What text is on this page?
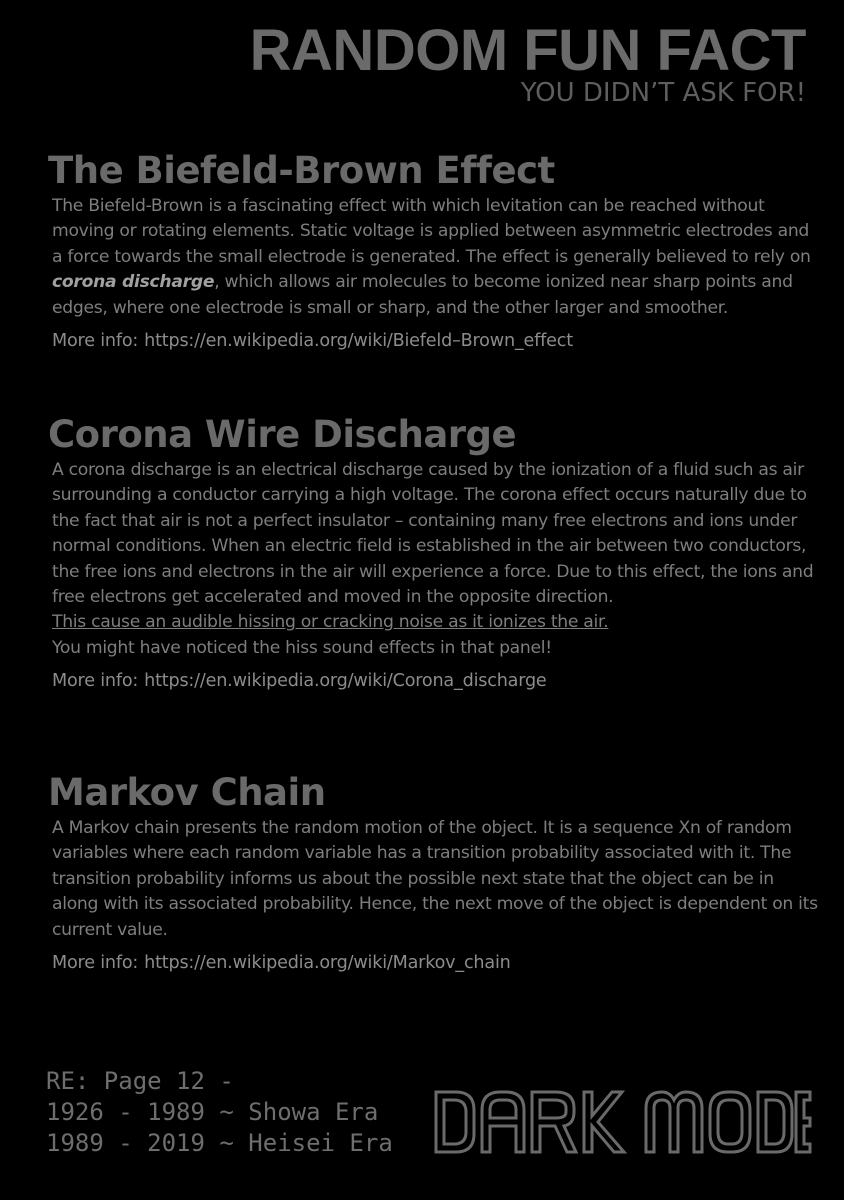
RANDOM FUN FACT
YOU DIDN’T ASK FOR!
The Biefeld-Brown Effect

The Biefeld-Brown is a fascinating effect with which levitation can be reached without moving or rotating elements. Static voltage is applied between asymmetric electrodes and a force towards the small electrode is generated. The effect is generally believed to rely on corona discharge, which allows air molecules to become ionized near sharp points and edges, where one electrode is small or sharp, and the other larger and smoother.

More info: https://en.wikipedia.org/wiki/Biefeld–Brown_effect
Corona Wire Discharge

A corona discharge is an electrical discharge caused by the ionization of a fluid such as air surrounding a conductor carrying a high voltage. The corona effect occurs naturally due to the fact that air is not a perfect insulator – containing many free electrons and ions under normal conditions. When an electric field is established in the air between two conductors, the free ions and electrons in the air will experience a force. Due to this effect, the ions and free electrons get accelerated and moved in the opposite direction.
This cause an audible hissing or cracking noise as it ionizes the air.
You might have noticed the hiss sound effects in that panel!

More info: https://en.wikipedia.org/wiki/Corona_discharge
Markov Chain

A Markov chain presents the random motion of the object. It is a sequence Xn of random variables where each random variable has a transition probability associated with it. The transition probability informs us about the possible next state that the object can be in along with its associated probability. Hence, the next move of the object is dependent on its current value.

More info: https://en.wikipedia.org/wiki/Markov_chain
RE: Page 12 -
1926 - 1989 ~ Showa Era
1989 - 2019 ~ Heisei Era
